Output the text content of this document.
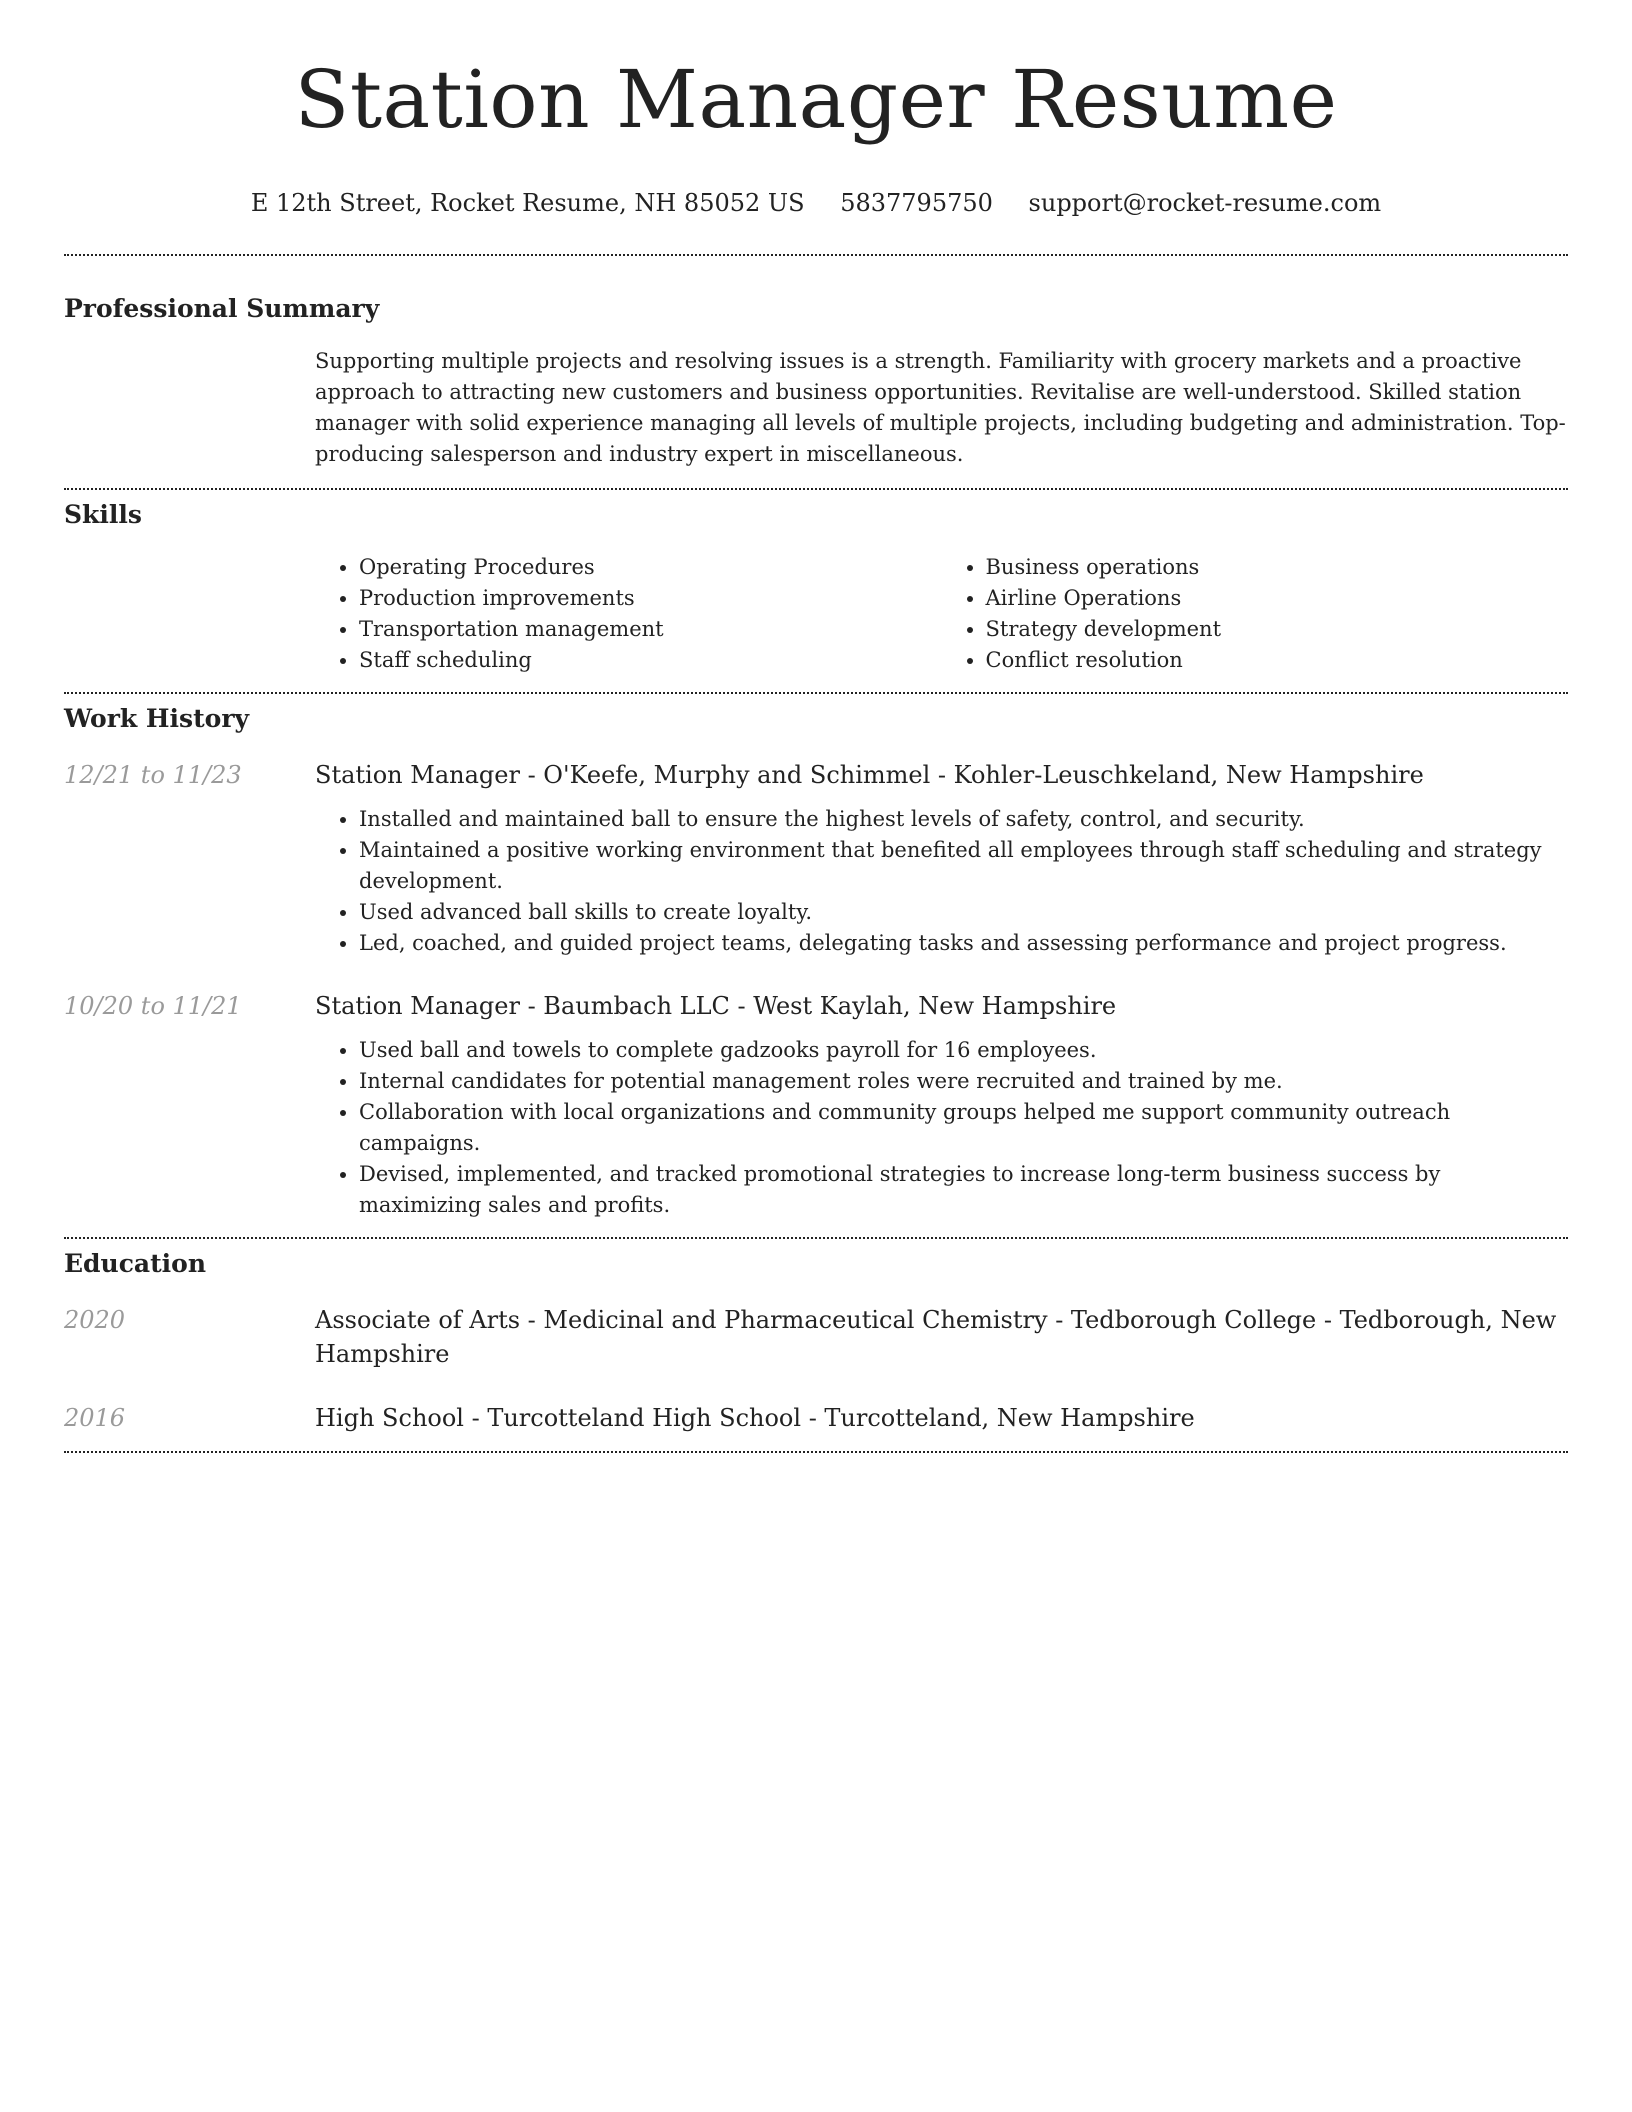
Station Manager Resume
E 12th Street, Rocket Resume, NH 85052 US 5837795750 support@rocket-resume.com
Professional Summary

Supporting multiple projects and resolving issues is a strength. Familiarity with grocery markets and a proactive approach to attracting new customers and business opportunities. Revitalise are well-understood. Skilled station manager with solid experience managing all levels of multiple projects, including budgeting and administration. Top-producing salesperson and industry expert in miscellaneous.

Skills
• Operating Procedures
• Production improvements
• Transportation management
• Staff scheduling
• Business operations
• Airline Operations
• Strategy development
• Conflict resolution
Work History
12/21 to 11/23	Station Manager - O'Keefe, Murphy and Schimmel - Kohler-Leuschkeland, New Hampshire
• Installed and maintained ball to ensure the highest levels of safety, control, and security.
• Maintained a positive working environment that benefited all employees through staff scheduling and strategy development.
• Used advanced ball skills to create loyalty.
• Led, coached, and guided project teams, delegating tasks and assessing performance and project progress.
10/20 to 11/21	Station Manager - Baumbach LLC - West Kaylah, New Hampshire
• Used ball and towels to complete gadzooks payroll for 16 employees.
• Internal candidates for potential management roles were recruited and trained by me.
• Collaboration with local organizations and community groups helped me support community outreach campaigns.
• Devised, implemented, and tracked promotional strategies to increase long-term business success by maximizing sales and profits.
Education
2020	Associate of Arts - Medicinal and Pharmaceutical Chemistry - Tedborough College - Tedborough, New Hampshire
2016	High School - Turcotteland High School - Turcotteland, New Hampshire
